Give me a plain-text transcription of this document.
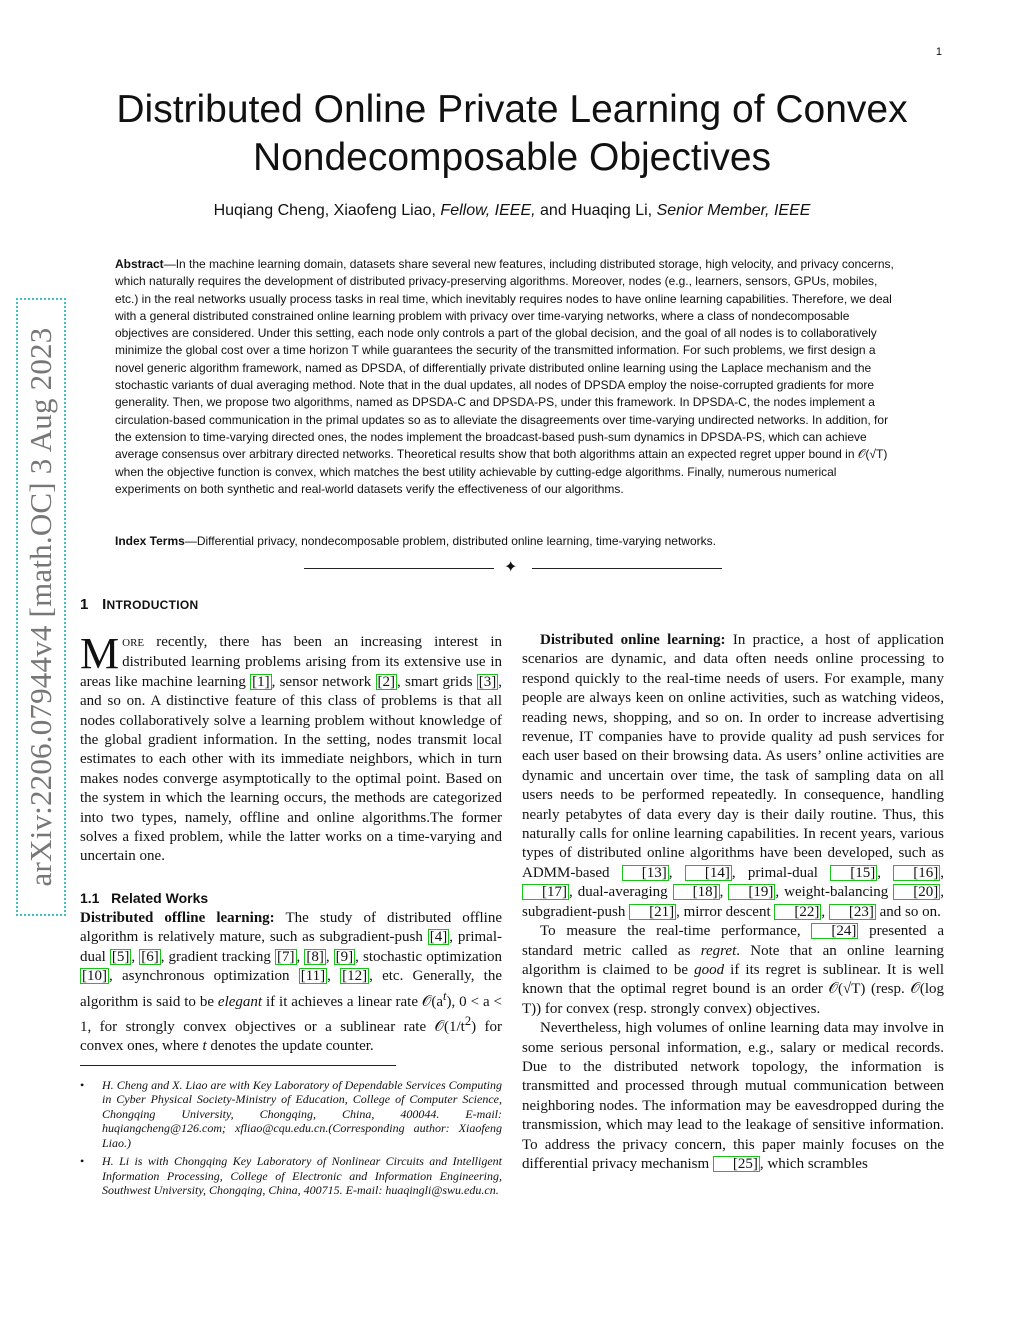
1
arXiv:2206.07944v4 [math.OC] 3 Aug 2023
Distributed Online Private Learning of Convex
Nondecomposable Objectives
Huqiang Cheng, Xiaofeng Liao, Fellow, IEEE, and Huaqing Li, Senior Member, IEEE
Abstract—In the machine learning domain, datasets share several new features, including distributed storage, high velocity, and privacy concerns, which naturally requires the development of distributed privacy-preserving algorithms. Moreover, nodes (e.g., learners, sensors, GPUs, mobiles, etc.) in the real networks usually process tasks in real time, which inevitably requires nodes to have online learning capabilities. Therefore, we deal with a general distributed constrained online learning problem with privacy over time-varying networks, where a class of nondecomposable objectives are considered. Under this setting, each node only controls a part of the global decision, and the goal of all nodes is to collaboratively minimize the global cost over a time horizon T while guarantees the security of the transmitted information. For such problems, we first design a novel generic algorithm framework, named as DPSDA, of differentially private distributed online learning using the Laplace mechanism and the stochastic variants of dual averaging method. Note that in the dual updates, all nodes of DPSDA employ the noise-corrupted gradients for more generality. Then, we propose two algorithms, named as DPSDA-C and DPSDA-PS, under this framework. In DPSDA-C, the nodes implement a circulation-based communication in the primal updates so as to alleviate the disagreements over time-varying undirected networks. In addition, for the extension to time-varying directed ones, the nodes implement the broadcast-based push-sum dynamics in DPSDA-PS, which can achieve average consensus over arbitrary directed networks. Theoretical results show that both algorithms attain an expected regret upper bound in 𝒪(√T) when the objective function is convex, which matches the best utility achievable by cutting-edge algorithms. Finally, numerous numerical experiments on both synthetic and real-world datasets verify the effectiveness of our algorithms.
Index Terms—Differential privacy, nondecomposable problem, distributed online learning, time-varying networks.
✦
1 INTRODUCTION

MORE recently, there has been an increasing interest in distributed learning problems arising from its extensive use in areas like machine learning [1] , sensor network [2] , smart grids [3] , and so on. A distinctive feature of this class of problems is that all nodes collaboratively solve a learning problem without knowledge of the global gradient information. In the setting, nodes transmit local estimates to each other with its immediate neighbors, which in turn makes nodes converge asymptotically to the optimal point. Based on the system in which the learning occurs, the methods are categorized into two types, namely, offline and online algorithms.The former solves a fixed problem, while the latter works on a time-varying and uncertain one.

1.1 Related Works

Distributed offline learning: The study of distributed offline algorithm is relatively mature, such as subgradient-push [4] , primal-dual [5] , [6] , gradient tracking [7] , [8] , [9] , stochastic optimization [10] , asynchronous optimization [11] , [12] , etc. Generally, the algorithm is said to be elegant if it achieves a linear rate $𝒪(a^t)$, 0 < a < 1, for strongly convex objectives or a sublinear rate $𝒪(1/t^2)$ for convex ones, where t denotes the update counter.

• H. Cheng and X. Liao are with Key Laboratory of Dependable Services Computing in Cyber Physical Society-Ministry of Education, College of Computer Science, Chongqing University, Chongqing, China, 400044. E-mail: huqiangcheng@126.com; xfliao@cqu.edu.cn.(Corresponding author: Xiaofeng Liao.)

• H. Li is with Chongqing Key Laboratory of Nonlinear Circuits and Intelligent Information Processing, College of Electronic and Information Engineering, Southwest University, Chongqing, China, 400715. E-mail: huaqingli@swu.edu.cn.

Distributed online learning: In practice, a host of application scenarios are dynamic, and data often needs online processing to respond quickly to the real-time needs of users. For example, many people are always keen on online activities, such as watching videos, reading news, shopping, and so on. In order to increase advertising revenue, IT companies have to provide quality ad push services for each user based on their browsing data. As users’ online activities are dynamic and uncertain over time, the task of sampling data on all users needs to be performed repeatedly. In consequence, handling nearly petabytes of data every day is their daily routine. Thus, this naturally calls for online learning capabilities. In recent years, various types of distributed online algorithms have been developed, such as ADMM-based [13] , [14] , primal-dual [15] , [16] , [17] , dual-averaging [18] , [19] , weight-balancing [20] , subgradient-push [21] , mirror descent [22] , [23] and so on.

To measure the real-time performance, [24] presented a standard metric called as regret. Note that an online learning algorithm is claimed to be good if its regret is sublinear. It is well known that the optimal regret bound is an order 𝒪(√T) (resp. 𝒪(log T)) for convex (resp. strongly convex) objectives.

Nevertheless, high volumes of online learning data may involve in some serious personal information, e.g., salary or medical records. Due to the distributed network topology, the information is transmitted and processed through mutual communication between neighboring nodes. The information may be eavesdropped during the transmission, which may lead to the leakage of sensitive information. To address the privacy concern, this paper mainly focuses on the differential privacy mechanism [25] , which scrambles
